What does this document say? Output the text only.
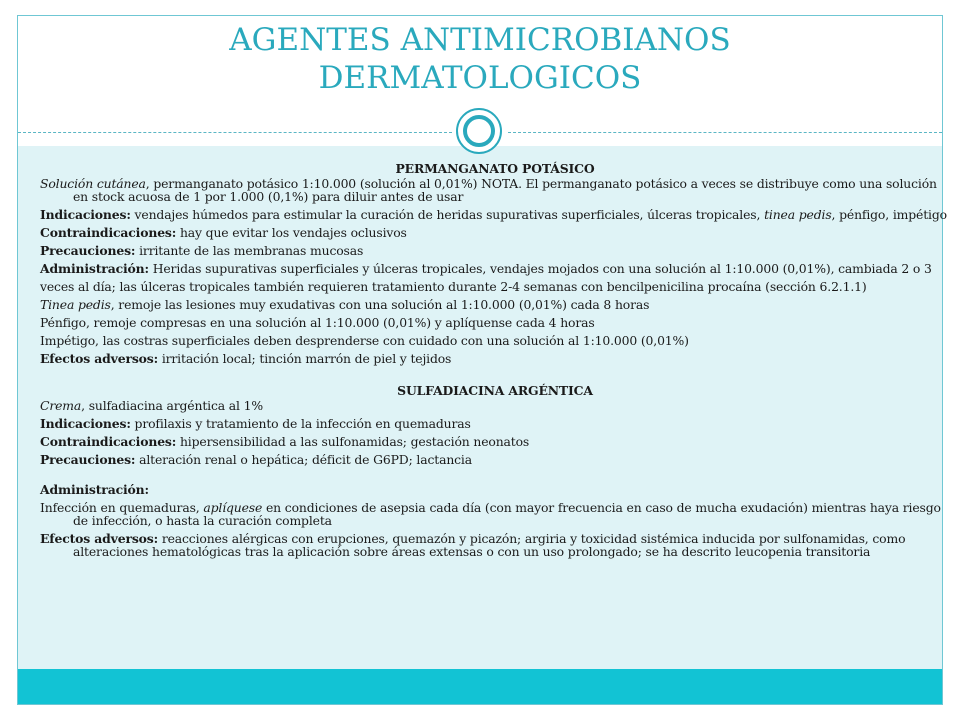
AGENTES ANTIMICROBIANOS
DERMATOLOGICOS

PERMANGANATO POTÁSICO

Solución cutánea, permanganato potásico 1:10.000 (solución al 0,01%) NOTA. El permanganato potásico a veces se distribuye como una solución en stock acuosa de 1 por 1.000 (0,1%) para diluir antes de usar

Indicaciones: vendajes húmedos para estimular la curación de heridas supurativas superficiales, úlceras tropicales, tinea pedis, pénfigo, impétigo

Contraindicaciones: hay que evitar los vendajes oclusivos

Precauciones: irritante de las membranas mucosas

Administración: Heridas supurativas superficiales y úlceras tropicales, vendajes mojados con una solución al 1:10.000 (0,01%), cambiada 2 o 3

veces al día; las úlceras tropicales también requieren tratamiento durante 2-4 semanas con bencilpenicilina procaína (sección 6.2.1.1)

Tinea pedis, remoje las lesiones muy exudativas con una solución al 1:10.000 (0,01%) cada 8 horas

Pénfigo, remoje compresas en una solución al 1:10.000 (0,01%) y aplíquense cada 4 horas

Impétigo, las costras superficiales deben desprenderse con cuidado con una solución al 1:10.000 (0,01%)

Efectos adversos: irritación local; tinción marrón de piel y tejidos

SULFADIACINA ARGÉNTICA

Crema, sulfadiacina argéntica al 1%

Indicaciones: profilaxis y tratamiento de la infección en quemaduras

Contraindicaciones: hipersensibilidad a las sulfonamidas; gestación neonatos

Precauciones: alteración renal o hepática; déficit de G6PD; lactancia

Administración:

Infección en quemaduras, aplíquese en condiciones de asepsia cada día (con mayor frecuencia en caso de mucha exudación) mientras haya riesgo de infección, o hasta la curación completa

Efectos adversos: reacciones alérgicas con erupciones, quemazón y picazón; argiria y toxicidad sistémica inducida por sulfonamidas, como alteraciones hematológicas tras la aplicación sobre áreas extensas o con un uso prolongado; se ha descrito leucopenia transitoria
